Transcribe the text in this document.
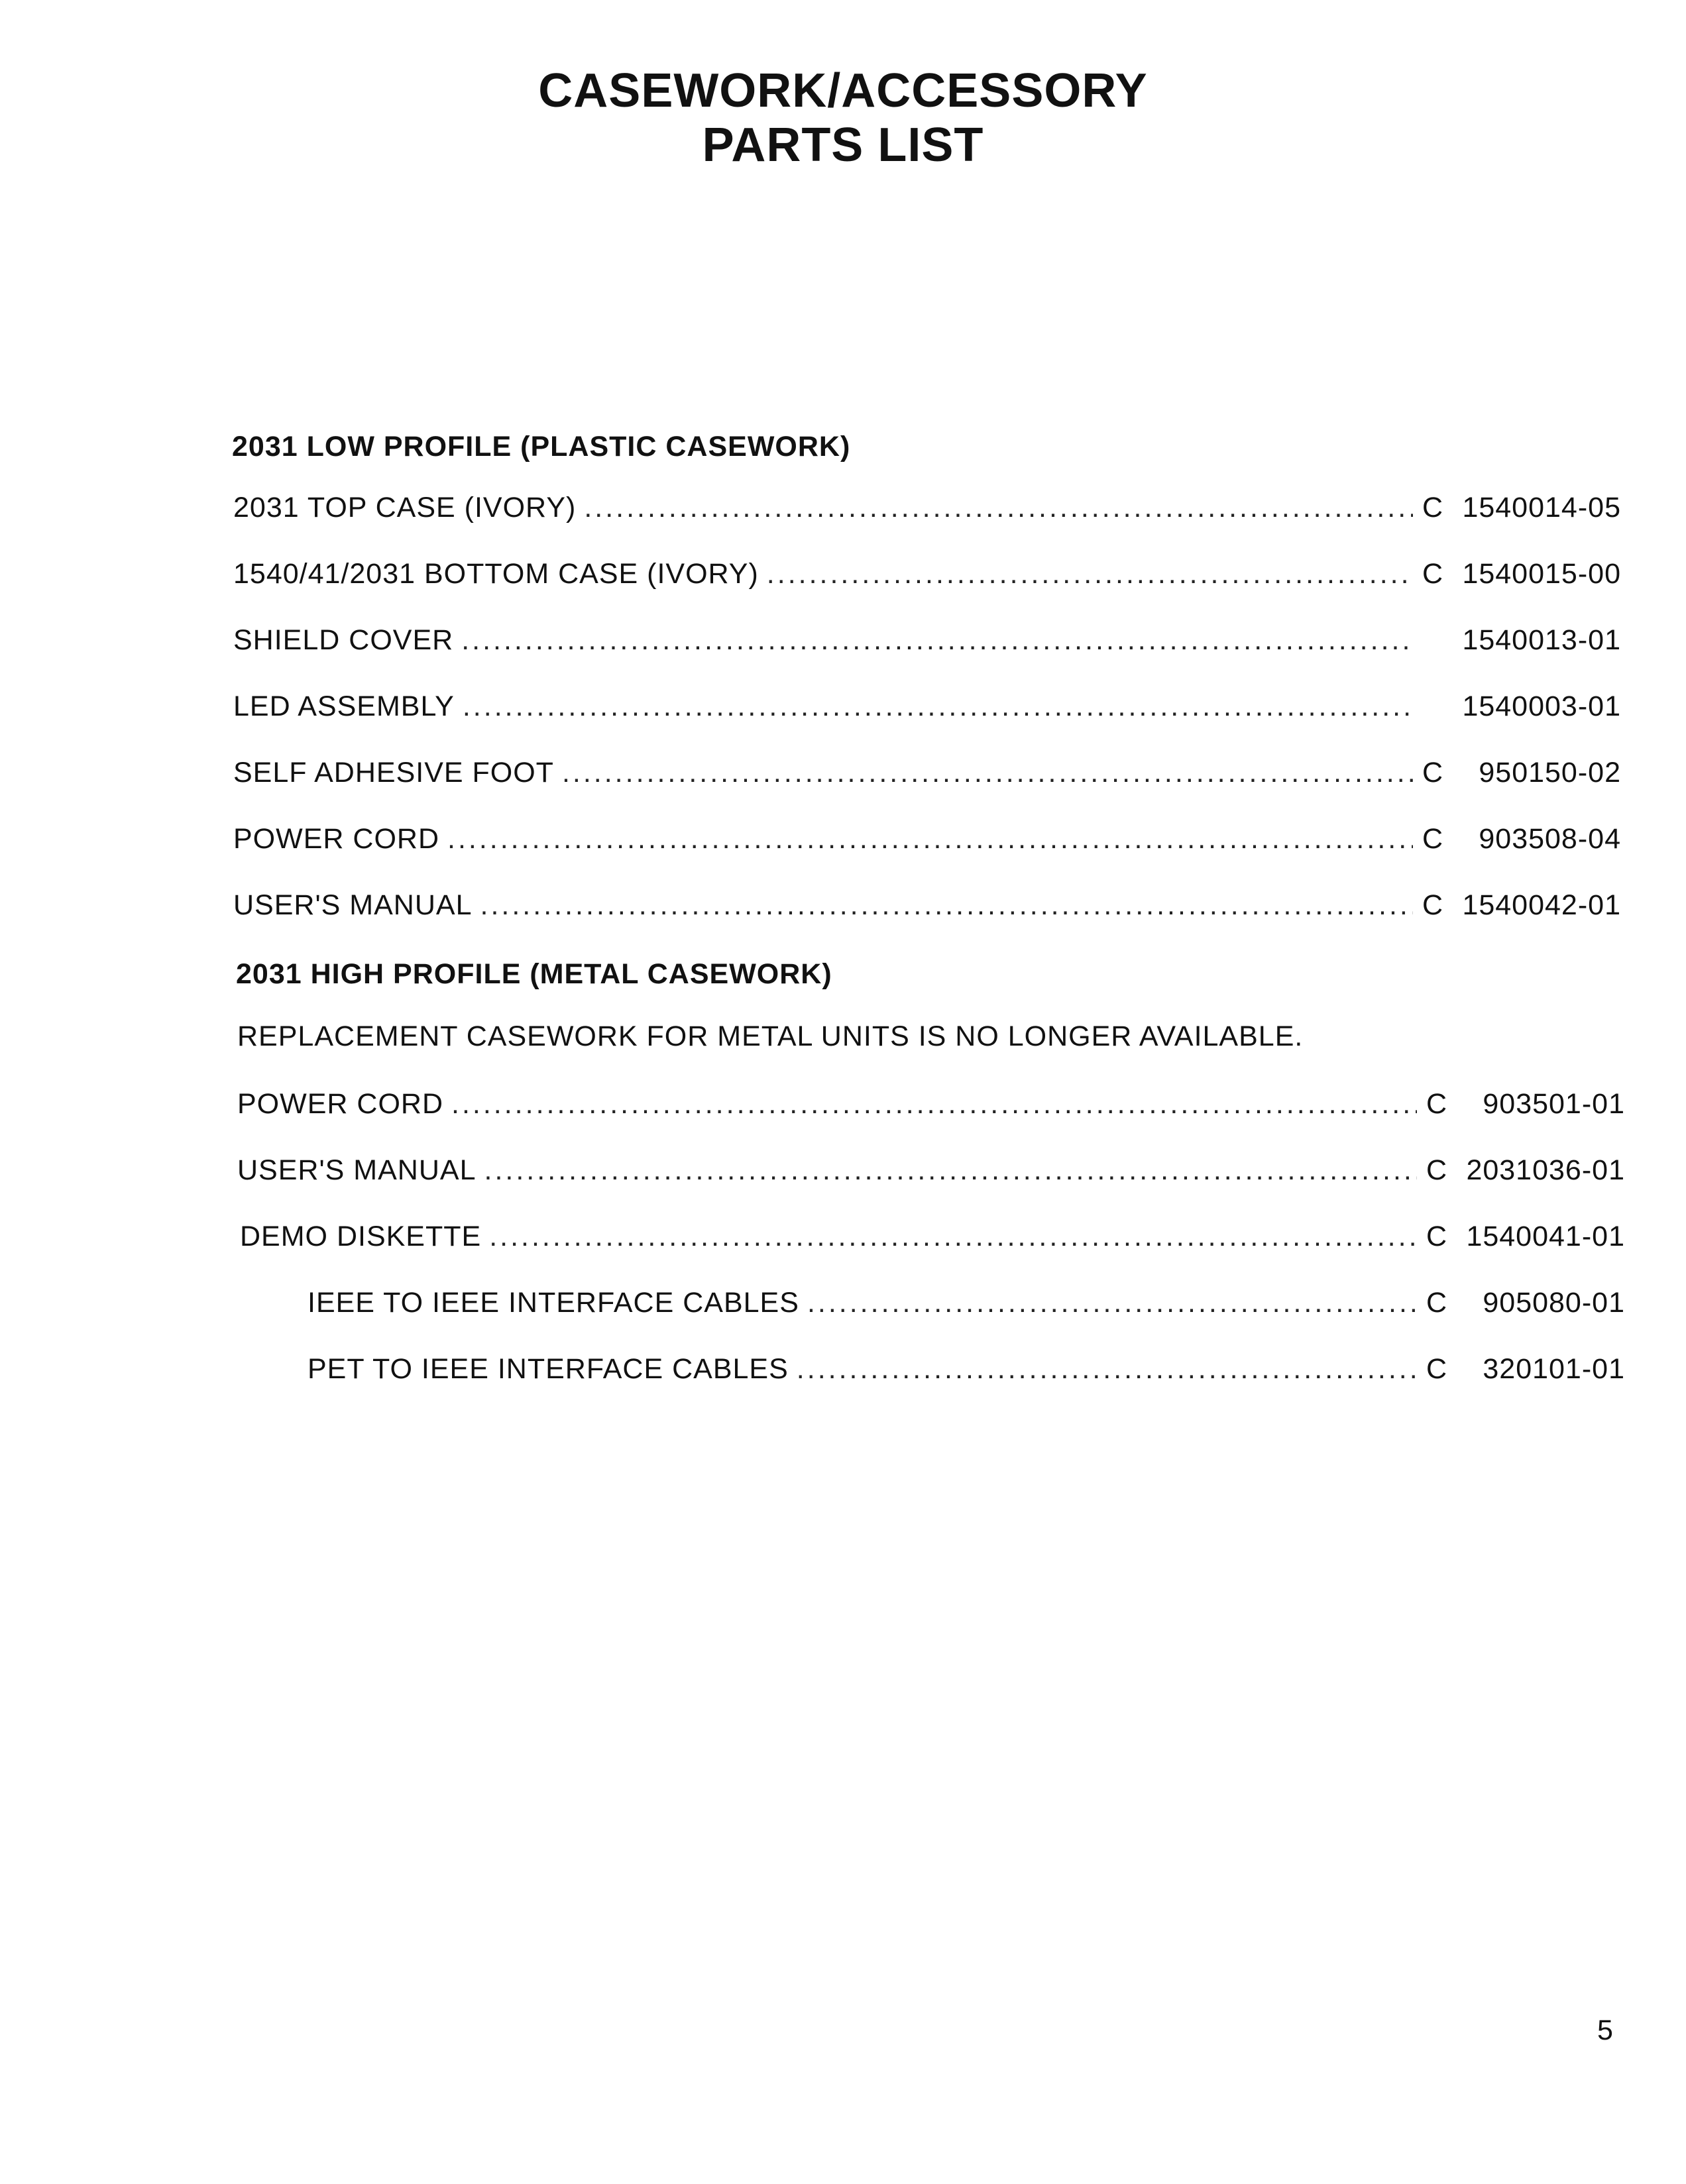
CASEWORK/ACCESSORY
PARTS LIST
2031 LOW PROFILE (PLASTIC CASEWORK)
2031 TOP CASE (IVORY) .....	C 1540014-05
1540/41/2031 BOTTOM CASE (IVORY) .....	C 1540015-00
SHIELD COVER .....	1540013-01
LED ASSEMBLY .....	1540003-01
SELF ADHESIVE FOOT .....	C	950150-02
POWER CORD .....	C	903508-04
USER'S MANUAL .....	C 1540042-01
2031 HIGH PROFILE (METAL CASEWORK)
REPLACEMENT CASEWORK FOR METAL UNITS IS NO LONGER AVAILABLE.
POWER CORD .....	C	903501-01
USER'S MANUAL .....	C 2031036-01
DEMO DISKETTE .....	C 1540041-01
IEEE TO IEEE INTERFACE CABLES .....	C	905080-01
PET TO IEEE INTERFACE CABLES .....	C	320101-01
5
